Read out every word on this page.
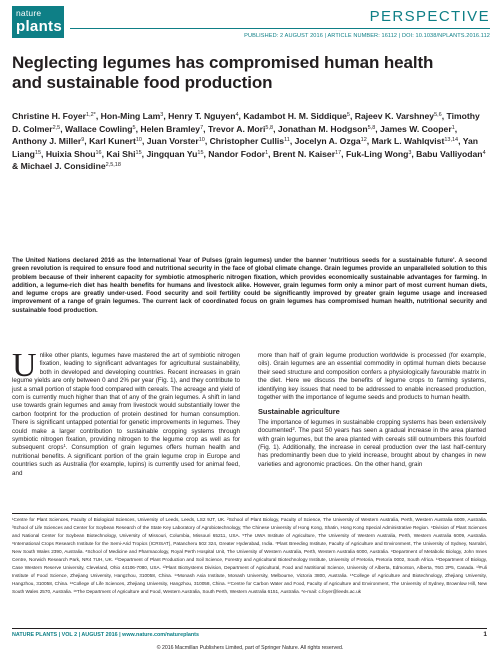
nature
plants
PERSPECTIVE
PUBLISHED: 2 AUGUST 2016 | ARTICLE NUMBER: 16112 | DOI: 10.1038/NPLANTS.2016.112
Neglecting legumes has compromised human health and sustainable food production
Christine H. Foyer$^{1,2*}$, Hon-Ming Lam$^3$, Henry T. Nguyen$^4$, Kadambot H. M. Siddique$^5$, Rajeev K. Varshney$^{5,6}$, Timothy D. Colmer$^{2,5}$, Wallace Cowling$^5$, Helen Bramley$^7$, Trevor A. Mori$^{5,8}$, Jonathan M. Hodgson$^{5,8}$, James W. Cooper$^1$, Anthony J. Miller$^9$, Karl Kunert$^{10}$, Juan Vorster$^{10}$, Christopher Cullis$^{11}$, Jocelyn A. Ozga$^{12}$, Mark L. Wahlqvist$^{13,14}$, Yan Liang$^{15}$, Huixia Shou$^{16}$, Kai Shi$^{15}$, Jingquan Yu$^{15}$, Nandor Fodor$^1$, Brent N. Kaiser$^{17}$, Fuk-Ling Wong$^3$, Babu Valliyodan$^4$ & Michael J. Considine$^{2,5,18}$
The United Nations declared 2016 as the International Year of Pulses (grain legumes) under the banner 'nutritious seeds for a sustainable future'. A second green revolution is required to ensure food and nutritional security in the face of global climate change. Grain legumes provide an unparalleled solution to this problem because of their inherent capacity for symbiotic atmospheric nitrogen fixation, which provides economically sustainable advantages for farming. In addition, a legume-rich diet has health benefits for humans and livestock alike. However, grain legumes form only a minor part of most current human diets, and legume crops are greatly under-used. Food security and soil fertility could be significantly improved by greater grain legume usage and increased improvement of a range of grain legumes. The current lack of coordinated focus on grain legumes has compromised human health, nutritional security and sustainable food production.
U nlike other plants, legumes have mastered the art of symbiotic nitrogen fixation, leading to significant advantages for agricultural sustainability, both in developed and developing countries. Recent increases in grain legume yields are only between 0 and 2% per year (Fig. 1), and they contribute to just a small portion of staple food compared with cereals. The acreage and yield of corn is currently much higher than that of any of the grain legumes. A shift in land use towards grain legumes and away from livestock would substantially lower the carbon footprint for the production of protein destined for human consumption. There is significant untapped potential for genetic improvements in legumes. They could make a larger contribution to sustainable cropping systems through symbiotic nitrogen fixation, providing nitrogen to the legume crop as well as for subsequent crops$^1$. Consumption of grain legumes offers human health and nutritional benefits. A significant portion of the grain legume crop in Europe and countries such as Australia (for example, lupins) is currently used for animal feed, and

more than half of grain legume production worldwide is processed (for example, oils). Grain legumes are an essential commodity in optimal human diets because their seed structure and composition confers a physiologically favourable matrix in the diet. Here we discuss the benefits of legume crops to farming systems, identifying key issues that need to be addressed to enable increased production, together with the importance of legume seeds and products to human health.

Sustainable agriculture

The importance of legumes in sustainable cropping systems has been extensively documented$^2$. The past 50 years has seen a gradual increase in the area planted with grain legumes, but the area planted with cereals still outnumbers this fourfold (Fig. 1). Additionally, the increase in cereal production over the last half-century has predominantly been due to yield increase, brought about by changes in new varieties and agronomic practices. On the other hand, grain

¹Centre for Plant Sciences, Faculty of Biological Sciences, University of Leeds, Leeds, LS2 9JT, UK. ²School of Plant Biology, Faculty of Science, The University of Western Australia, Perth, Western Australia 6009, Australia. ³School of Life Sciences and Center for Soybean Research of the State Key Laboratory of Agrobiotechnology, The Chinese University of Hong Kong, Shatin, Hong Kong Special Administrative Region. ⁴Division of Plant Sciences and National Center for Soybean Biotechnology, University of Missouri, Columbia, Missouri 65211, USA. ⁵The UWA Institute of Agriculture, The University of Western Australia, Perth, Western Australia 6009, Australia. ⁶International Crops Research Institute for the Semi-Arid Tropics (ICRISAT), Patancheru 502 324, Greater Hyderabad, India. ⁷Plant Breeding Institute, Faculty of Agriculture and Environment, The University of Sydney, Narrabri, New South Wales 2390, Australia. ⁸School of Medicine and Pharmacology, Royal Perth Hospital Unit, The University of Western Australia, Perth, Western Australia 6000, Australia. ⁹Department of Metabolic Biology, John Innes Centre, Norwich Research Park, NR4 7UH, UK. ¹⁰Department of Plant Production and Soil Science, Forestry and Agricultural Biotechnology Institute, University of Pretoria, Pretoria 0002, South Africa. ¹¹Department of Biology, Case Western Reserve University, Cleveland, Ohio 44106-7080, USA. ¹²Plant BioSystems Division, Department of Agricultural, Food and Nutritional Science, University of Alberta, Edmonton, Alberta, T6G 2P5, Canada. ¹³Fuli Institute of Food Science, Zhejiang University, Hangzhou, 310058, China. ¹⁴Monash Asia Institute, Monash University, Melbourne, Victoria 3800, Australia. ¹⁵College of Agriculture and Biotechnology, Zhejiang University, Hangzhou, 310058, China. ¹⁶College of Life Sciences, Zhejiang University, Hangzhou, 310058, China. ¹⁷Centre for Carbon Water and Food, Faculty of Agriculture and Environment, The University of Sydney, Brownlow Hill, New South Wales 2570, Australia. ¹⁸The Department of Agriculture and Food, Western Australia, South Perth, Western Australia 6151, Australia. *e-mail: c.foyer@leeds.ac.uk
NATURE PLANTS | VOL 2 | AUGUST 2016 | www.nature.com/natureplants	1
© 2016 Macmillan Publishers Limited, part of Springer Nature. All rights reserved.
